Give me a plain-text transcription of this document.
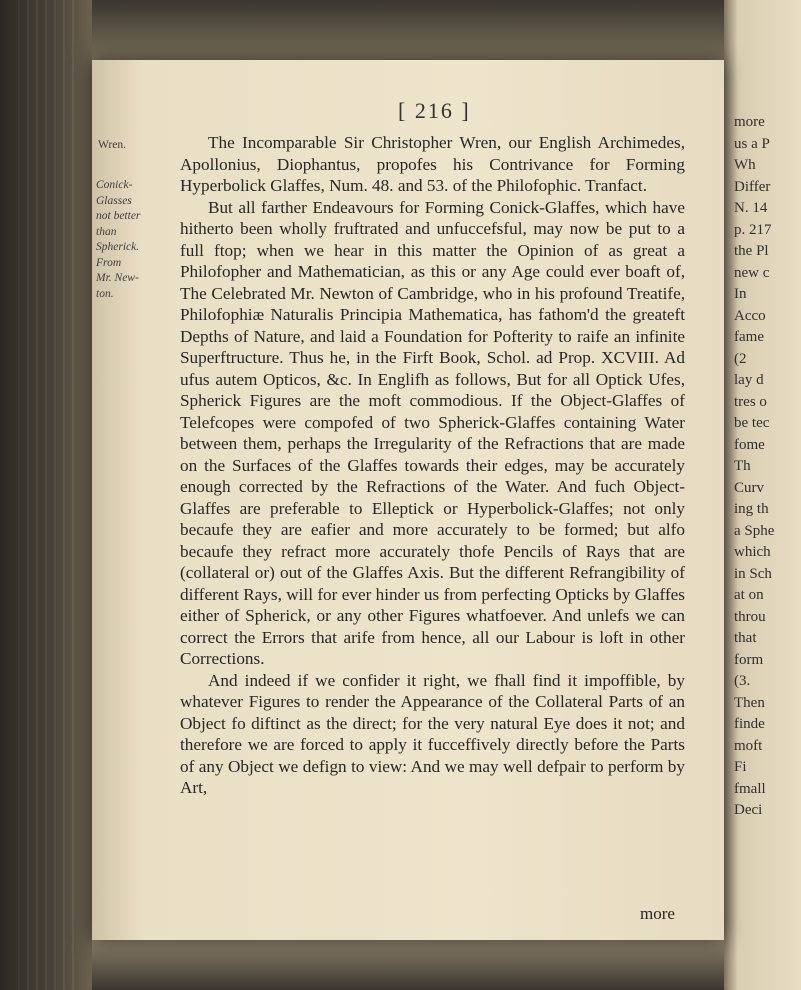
[ 216 ]
Wren.
Conick-
Glasses
not better
than
Spherick.
From
Mr. New-
ton.

The Incomparable Sir Christopher Wren, our English Archimedes, Apollonius, Diophantus, propofes his Contrivance for Forming Hyperbolick Glaffes, Num. 48. and 53. of the Philofophic. Tranfact.

But all farther Endeavours for Forming Conick-Glaffes, which have hitherto been wholly fruftrated and unfuccefsful, may now be put to a full ftop; when we hear in this matter the Opinion of as great a Philofopher and Mathematician, as this or any Age could ever boaft of, The Celebrated Mr. Newton of Cambridge, who in his profound Treatife, Philofophiæ Naturalis Principia Mathematica, has fathom'd the greateft Depths of Nature, and laid a Foundation for Pofterity to raife an infinite Superftructure. Thus he, in the Firft Book, Schol. ad Prop. XCVIII. Ad ufus autem Opticos, &c. In Englifh as follows, But for all Optick Ufes, Spherick Figures are the moft commodious. If the Object-Glaffes of Telefcopes were compofed of two Spherick-Glaffes containing Water between them, perhaps the Irregularity of the Refractions that are made on the Surfaces of the Glaffes towards their edges, may be accurately enough corrected by the Refractions of the Water. And fuch Object-Glaffes are preferable to Elleptick or Hyperbolick-Glaffes; not only becaufe they are eafier and more accurately to be formed; but alfo becaufe they refract more accurately thofe Pencils of Rays that are (collateral or) out of the Glaffes Axis. But the different Refrangibility of different Rays, will for ever hinder us from perfecting Opticks by Glaffes either of Spherick, or any other Figures whatfoever. And unlefs we can correct the Errors that arife from hence, all our Labour is loft in other Corrections.

And indeed if we confider it right, we fhall find it impoffible, by whatever Figures to render the Appearance of the Collateral Parts of an Object fo diftinct as the direct; for the very natural Eye does it not; and therefore we are forced to apply it fucceffively directly before the Parts of any Object we defign to view: And we may well defpair to perform by Art,

more
more
us a P
Wh
Differ
N. 14
p. 217
the Pl
new c
In
Acco
fame
(2
lay d
tres o
be tec
fome
Th
Curv
ing th
a Sphe
which
in Sch
at on
throu
that
form
(3.
Then
finde
moft
Fi
fmall
Deci
